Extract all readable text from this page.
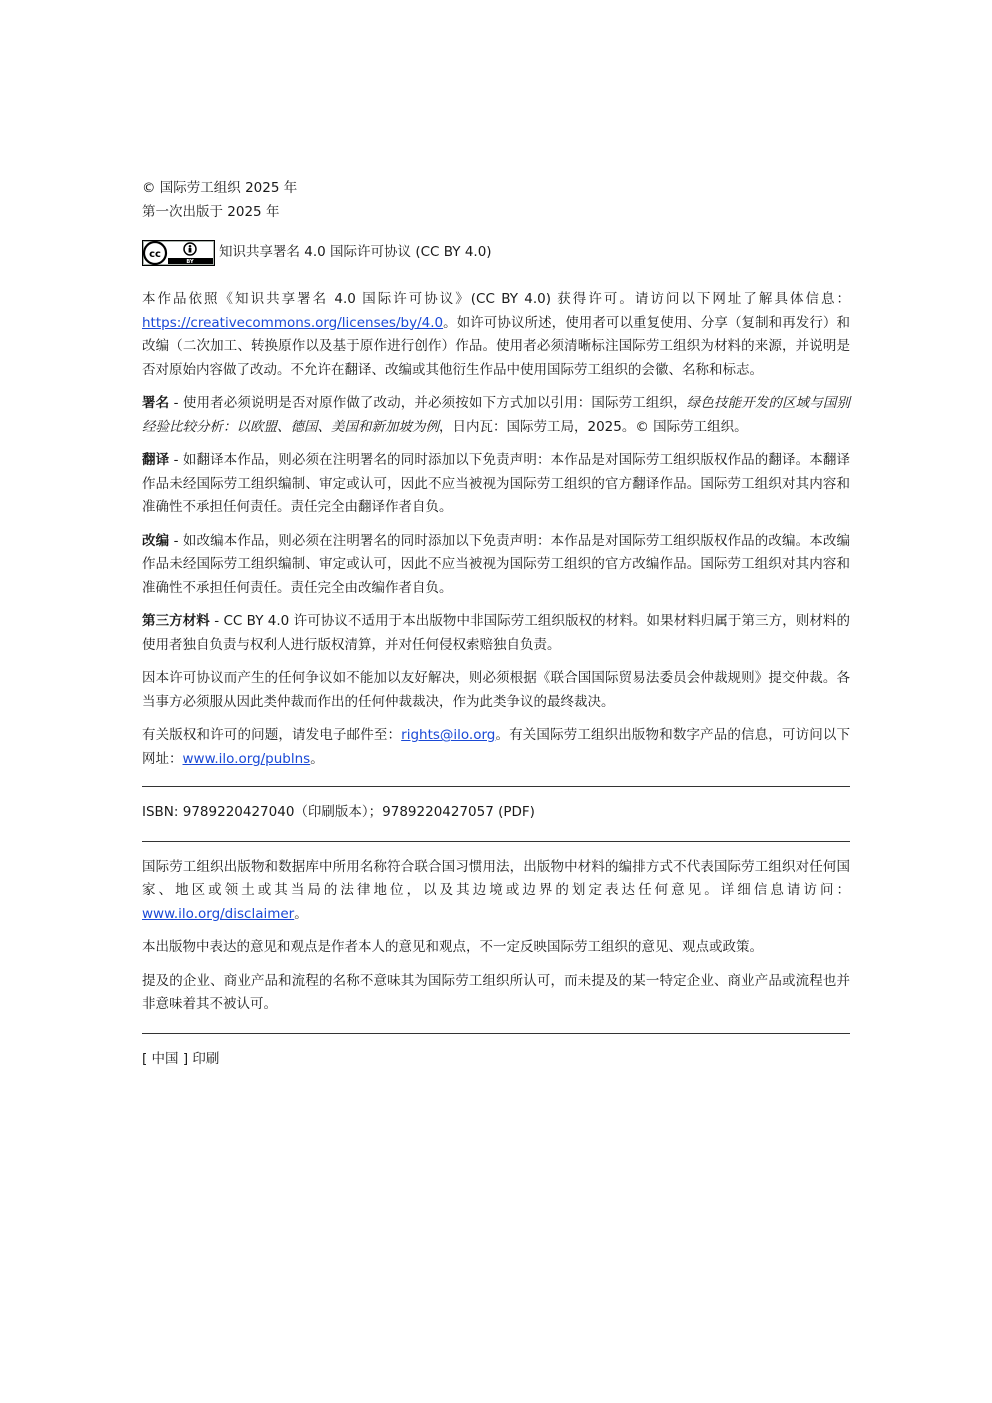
© 国际劳工组织 2025 年

第一次出版于 2025 年

cc
BY
知识共享署名 4.0 国际许可协议 (CC BY 4.0)

本作品依照《知识共享署名 4.0 国际许可协议》(CC BY 4.0) 获得许可。请访问以下网址了解具体信息：https://creativecommons.org/licenses/by/4.0。如许可协议所述，使用者可以重复使用、分享（复制和再发行）和改编（二次加工、转换原作以及基于原作进行创作）作品。使用者必须清晰标注国际劳工组织为材料的来源，并说明是否对原始内容做了改动。不允许在翻译、改编或其他衍生作品中使用国际劳工组织的会徽、名称和标志。

署名 - 使用者必须说明是否对原作做了改动，并必须按如下方式加以引用：国际劳工组织，绿色技能开发的区域与国别经验比较分析：以欧盟、德国、美国和新加坡为例，日内瓦：国际劳工局，2025。© 国际劳工组织。

翻译 - 如翻译本作品，则必须在注明署名的同时添加以下免责声明：本作品是对国际劳工组织版权作品的翻译。本翻译作品未经国际劳工组织编制、审定或认可，因此不应当被视为国际劳工组织的官方翻译作品。国际劳工组织对其内容和准确性不承担任何责任。责任完全由翻译作者自负。

改编 - 如改编本作品，则必须在注明署名的同时添加以下免责声明：本作品是对国际劳工组织版权作品的改编。本改编作品未经国际劳工组织编制、审定或认可，因此不应当被视为国际劳工组织的官方改编作品。国际劳工组织对其内容和准确性不承担任何责任。责任完全由改编作者自负。

第三方材料 - CC BY 4.0 许可协议不适用于本出版物中非国际劳工组织版权的材料。如果材料归属于第三方，则材料的使用者独自负责与权利人进行版权清算，并对任何侵权索赔独自负责。

因本许可协议而产生的任何争议如不能加以友好解决，则必须根据《联合国国际贸易法委员会仲裁规则》提交仲裁。各当事方必须服从因此类仲裁而作出的任何仲裁裁决，作为此类争议的最终裁决。

有关版权和许可的问题，请发电子邮件至：rights@ilo.org。有关国际劳工组织出版物和数字产品的信息，可访问以下网址：www.ilo.org/publns。

ISBN: 9789220427040（印刷版本）；9789220427057 (PDF)

国际劳工组织出版物和数据库中所用名称符合联合国习惯用法，出版物中材料的编排方式不代表国际劳工组织对任何国家、地区或领土或其当局的法律地位，以及其边境或边界的划定表达任何意见。详细信息请访问：www.ilo.org/disclaimer。

本出版物中表达的意见和观点是作者本人的意见和观点，不一定反映国际劳工组织的意见、观点或政策。

提及的企业、商业产品和流程的名称不意味其为国际劳工组织所认可，而未提及的某一特定企业、商业产品或流程也并非意味着其不被认可。

[ 中国 ] 印刷
